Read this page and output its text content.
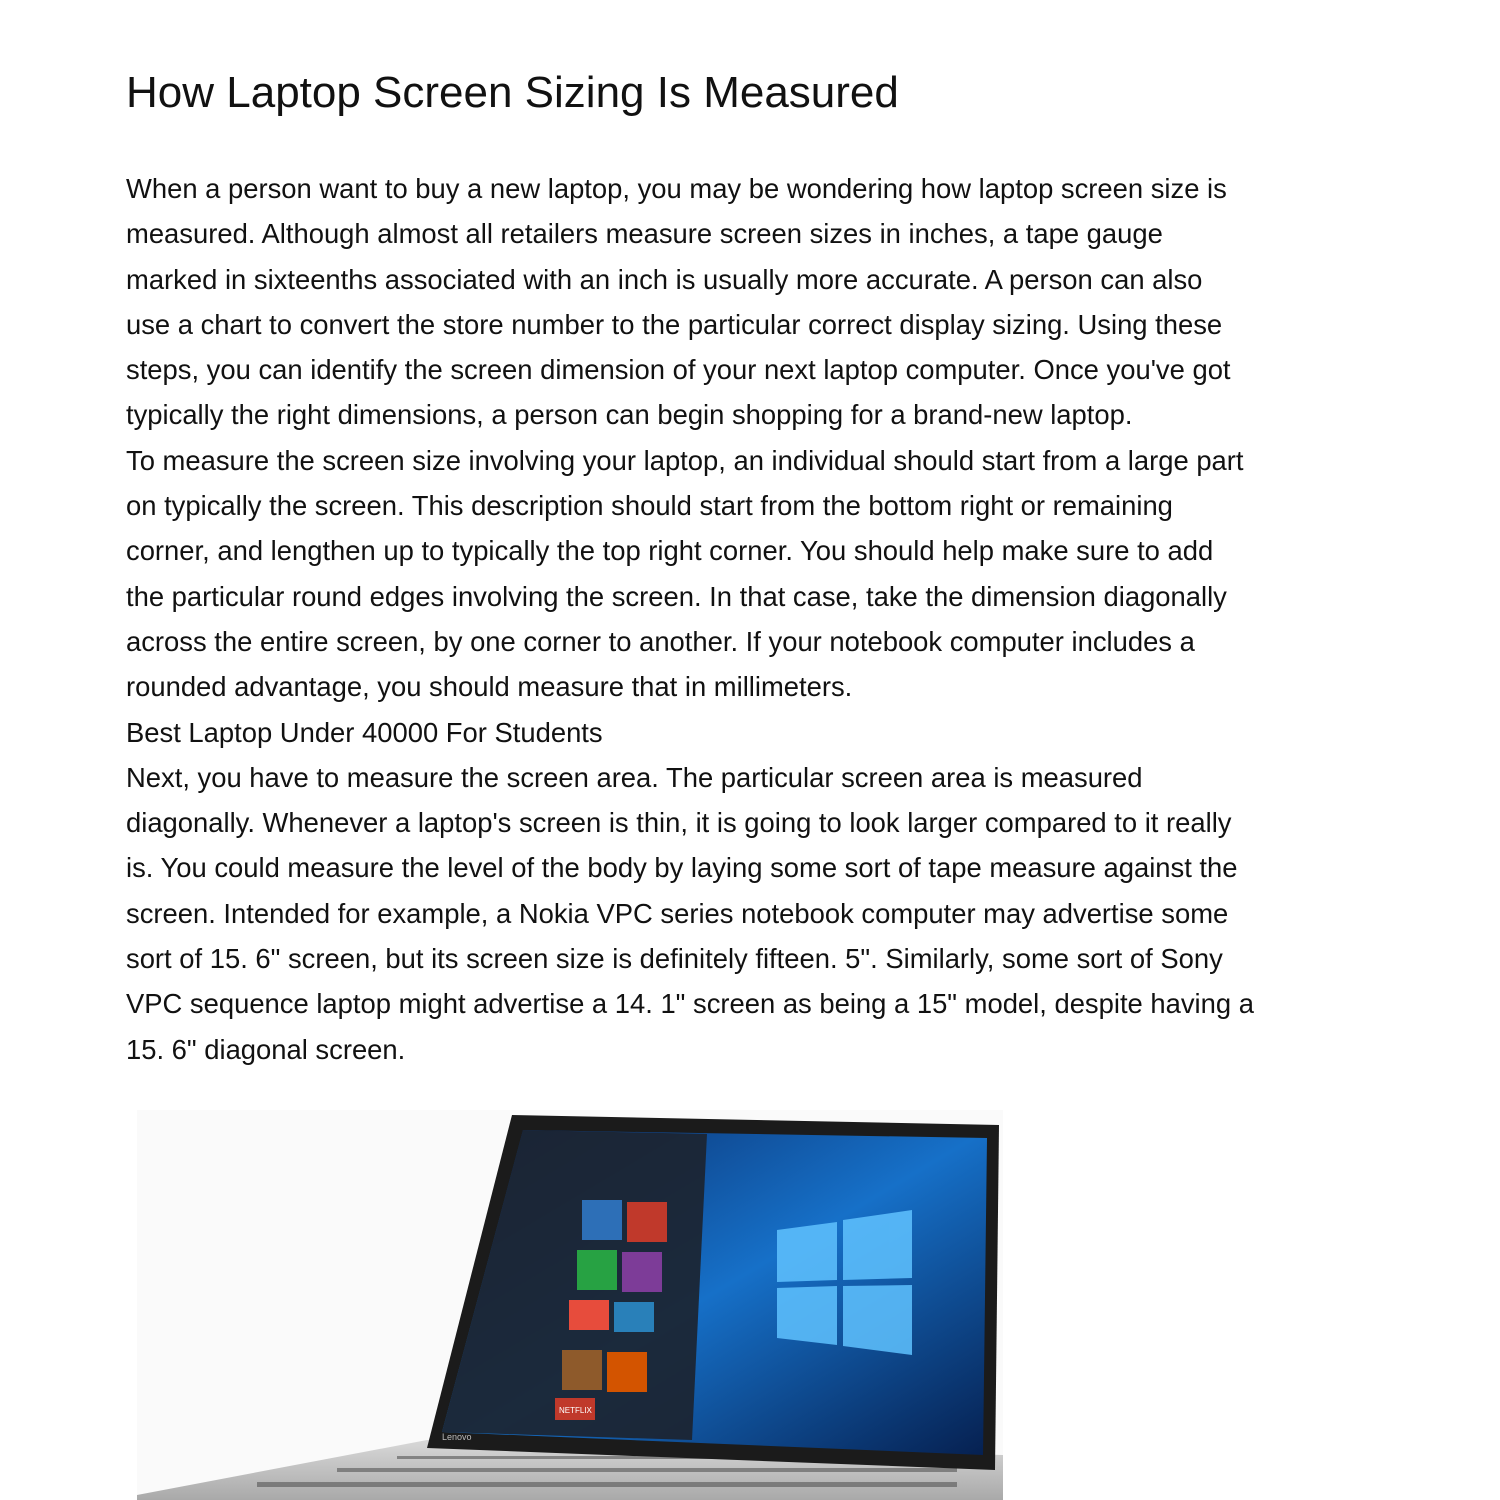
How Laptop Screen Sizing Is Measured
When a person want to buy a new laptop, you may be wondering how laptop screen size is
measured. Although almost all retailers measure screen sizes in inches, a tape gauge
marked in sixteenths associated with an inch is usually more accurate. A person can also
use a chart to convert the store number to the particular correct display sizing. Using these
steps, you can identify the screen dimension of your next laptop computer. Once you've got
typically the right dimensions, a person can begin shopping for a brand-new laptop.
To measure the screen size involving your laptop, an individual should start from a large part
on typically the screen. This description should start from the bottom right or remaining
corner, and lengthen up to typically the top right corner. You should help make sure to add
the particular round edges involving the screen. In that case, take the dimension diagonally
across the entire screen, by one corner to another. If your notebook computer includes a
rounded advantage, you should measure that in millimeters.
Best Laptop Under 40000 For Students
Next, you have to measure the screen area. The particular screen area is measured
diagonally. Whenever a laptop's screen is thin, it is going to look larger compared to it really
is. You could measure the level of the body by laying some sort of tape measure against the
screen. Intended for example, a Nokia VPC series notebook computer may advertise some
sort of 15. 6" screen, but its screen size is definitely fifteen. 5". Similarly, some sort of Sony
VPC sequence laptop might advertise a 14. 1" screen as being a 15" model, despite having a
15. 6" diagonal screen.
NETFLIX
Lenovo
